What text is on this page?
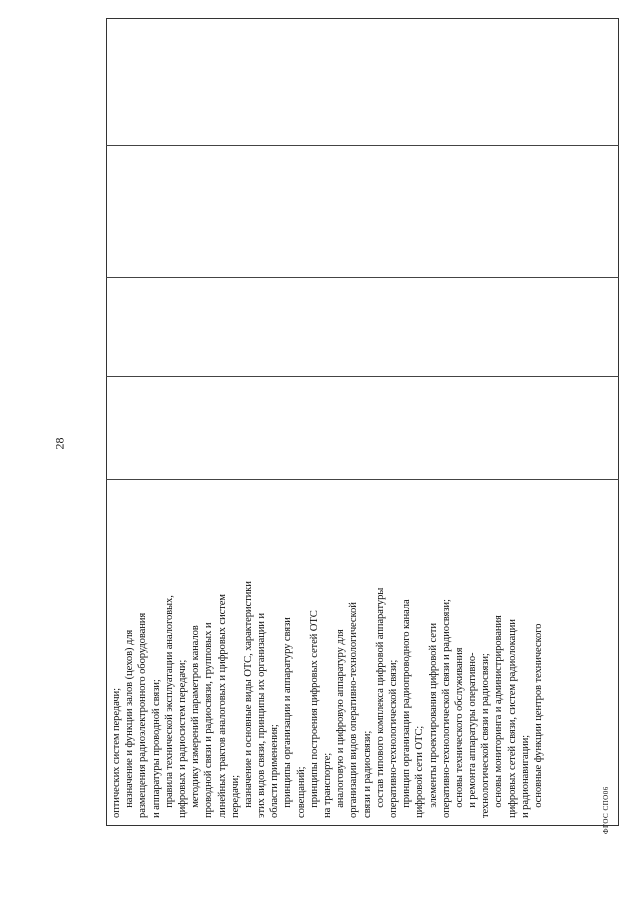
оптических систем передачи; назначение и функции залов (цехов) для размещения радиоэлектронного оборудования и аппаратуры проводной связи; правила технической эксплуатации аналоговых, цифровых и радиосистем передачи; методику измерений параметров каналов проводной связи и радиосвязи, групповых и линейных трактов аналоговых и цифровых систем передачи; назначение и основные виды ОТС, характеристики этих видов связи, принципы их организации и области применения; принципы организации и аппаратуру связи совещаний; принципы построения цифровых сетей ОТС на транспорте; аналоговую и цифровую аппаратуру для организации видов оперативно-технологической связи и радиосвязи; состав типового комплекса цифровой аппаратуры оперативно-технологической связи; принцип организации радиопроводного канала цифровой сети ОТС; элементы проектирования цифровой сети оперативно-технологической связи и радиосвязи; основы технического обслуживания и ремонта аппаратуры оперативно- технологической связи и радиосвязи; основы мониторинга и администрирования цифровых сетей связи, систем радиолокации и радионавигации; основные функции центров технического	ФГОС СПО06
28
